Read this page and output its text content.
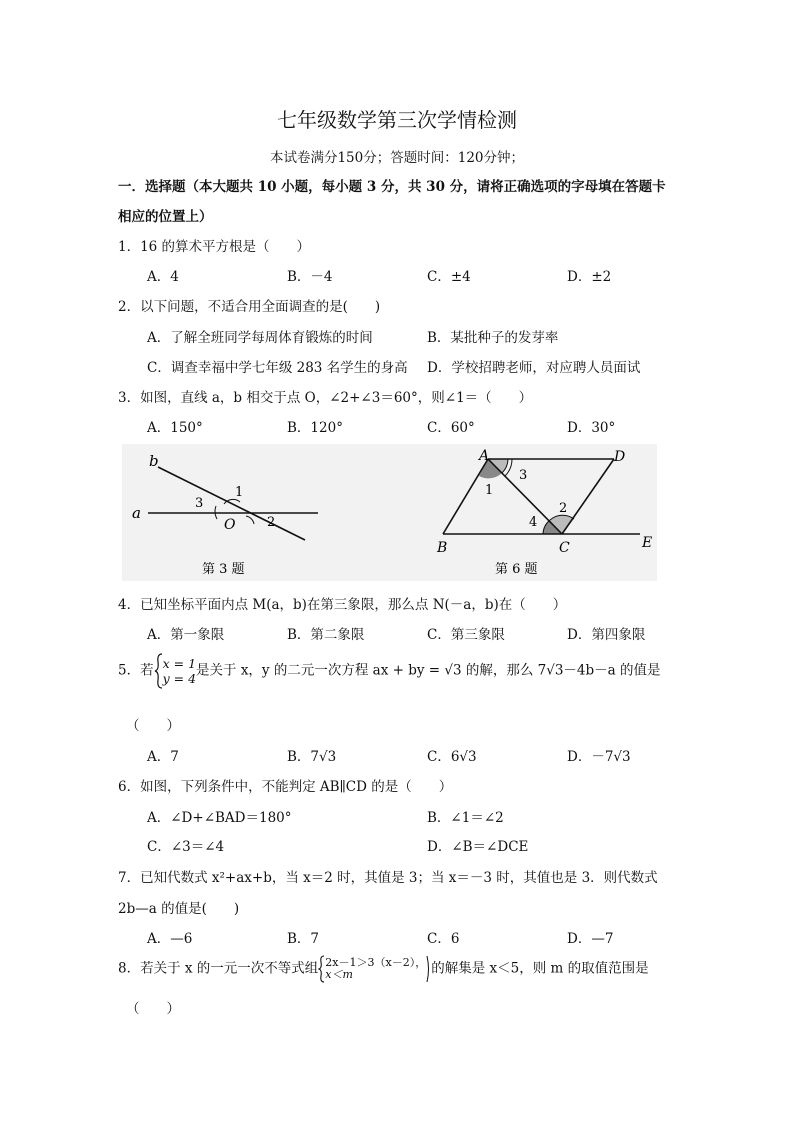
七年级数学第三次学情检测
本试卷满分150分；答题时间：120分钟；
一．选择题（本大题共 10 小题，每小题 3 分，共 30 分，请将正确选项的字母填在答题卡
相应的位置上）
1．16 的算术平方根是（　　）
A．4	B．－4	C．±4	D．±2
2．以下问题，不适合用全面调查的是(　　)
A．了解全班同学每周体育锻炼的时间	B．某批种子的发芽率
C．调查幸福中学七年级 283 名学生的身高 D．学校招聘老师，对应聘人员面试
3．如图，直线 a，b 相交于点 O，∠2+∠3＝60°，则∠1＝（　　）
A．150°	B．120°	C．60°	D．30°
b
a
1
2
3
O
第 3 题
A	D
B	C	E
1
2
3
4
第 6 题
4．已知坐标平面内点 M(a，b)在第三象限，那么点 N(－a，b)在（　　）
A．第一象限	B．第二象限	C．第三象限	D．第四象限
5．若 x = 1
y = 4是关于 x，y 的二元一次方程 ax + by = √3 的解，那么 7√3－4b－a 的值是
（　　）
A．7	B．7√3	C．6√3	D．－7√3
6．如图，下列条件中，不能判定 AB∥CD 的是（　　）
A．∠D+∠BAD＝180°	B．∠1＝∠2
C．∠3＝∠4	D．∠B＝∠DCE
7．已知代数式 x²+ax+b，当 x＝2 时，其值是 3；当 x＝－3 时，其值也是 3．则代数式
2b—a 的值是(　　)
A．—6	B．7	C．6	D．—7
8．若关于 x 的一元一次不等式组 2x－1＞3（x－2），
x＜m	的解集是 x＜5，则 m 的取值范围是
（　　）
